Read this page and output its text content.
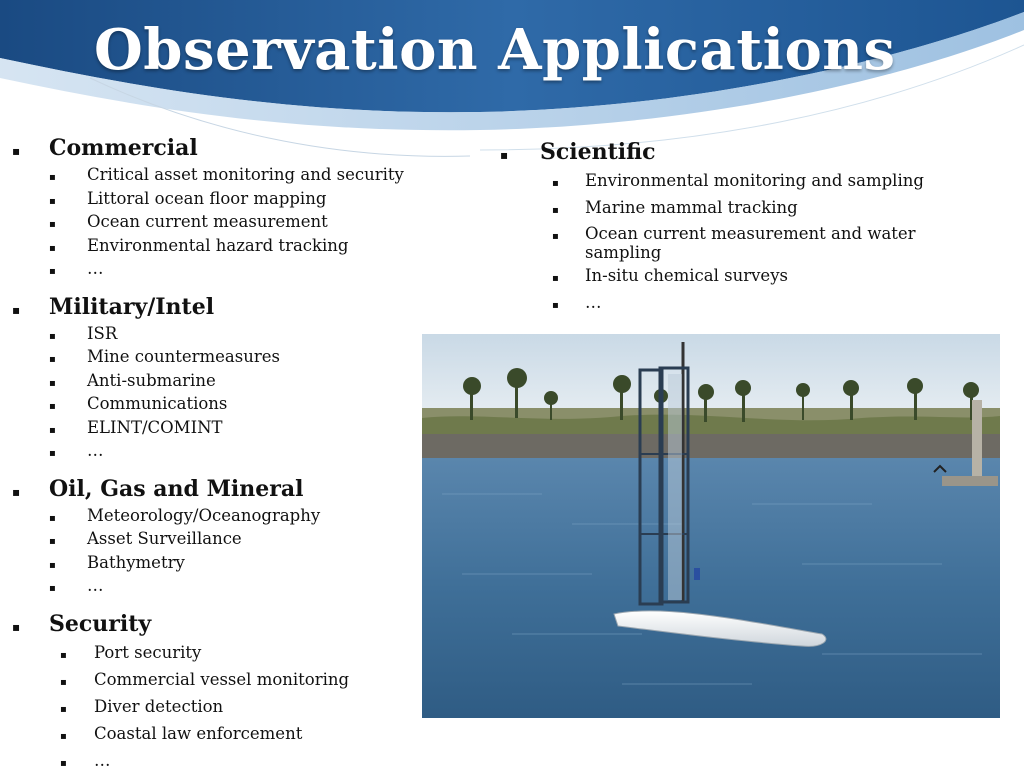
Observation Applications
▪	Commercial
▪	Critical asset monitoring and security
▪	Littoral ocean floor mapping
▪	Ocean current measurement
▪	Environmental hazard tracking
▪	…
▪	Military/Intel
▪	ISR
▪	Mine countermeasures
▪	Anti-submarine
▪	Communications
▪	ELINT/COMINT
▪	…
▪	Oil, Gas and Mineral
▪	Meteorology/Oceanography
▪	Asset Surveillance
▪	Bathymetry
▪	…
▪	Security
▪	Port security
▪	Commercial vessel monitoring
▪	Diver detection
▪	Coastal law enforcement
▪	…
▪	Scientific
▪	Environmental monitoring and sampling
▪	Marine mammal tracking
▪	Ocean current measurement and water sampling
▪	In-situ chemical surveys
▪	…
